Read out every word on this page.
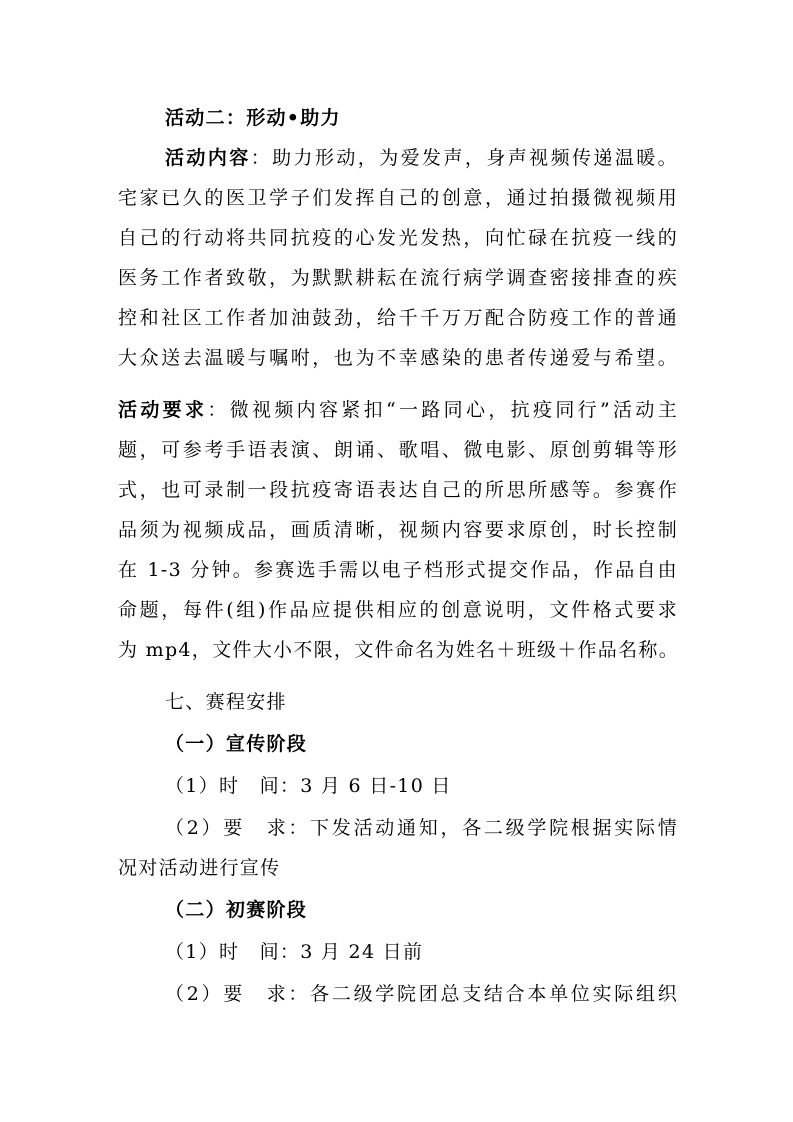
活动二：形动•助力
活动内容：助力形动，为爱发声，身声视频传递温暖。
宅家已久的医卫学子们发挥自己的创意，通过拍摄微视频用
自己的行动将共同抗疫的心发光发热，向忙碌在抗疫一线的
医务工作者致敬，为默默耕耘在流行病学调查密接排查的疾
控和社区工作者加油鼓劲，给千千万万配合防疫工作的普通
大众送去温暖与嘱咐，也为不幸感染的患者传递爱与希望。
活动要求：微视频内容紧扣“一路同心，抗疫同行”活动主
题，可参考手语表演、朗诵、歌唱、微电影、原创剪辑等形
式，也可录制一段抗疫寄语表达自己的所思所感等。参赛作
品须为视频成品，画质清晰，视频内容要求原创，时长控制
在 1-3 分钟。参赛选手需以电子档形式提交作品，作品自由
命题，每件(组)作品应提供相应的创意说明，文件格式要求
为 mp4，文件大小不限，文件命名为姓名＋班级＋作品名称。
七、赛程安排
（一）宣传阶段
（1）时　间：3 月 6 日-10 日
（2）要　求：下发活动通知，各二级学院根据实际情
况对活动进行宣传
（二）初赛阶段
（1）时　间：3 月 24 日前
（2）要　求：各二级学院团总支结合本单位实际组织
